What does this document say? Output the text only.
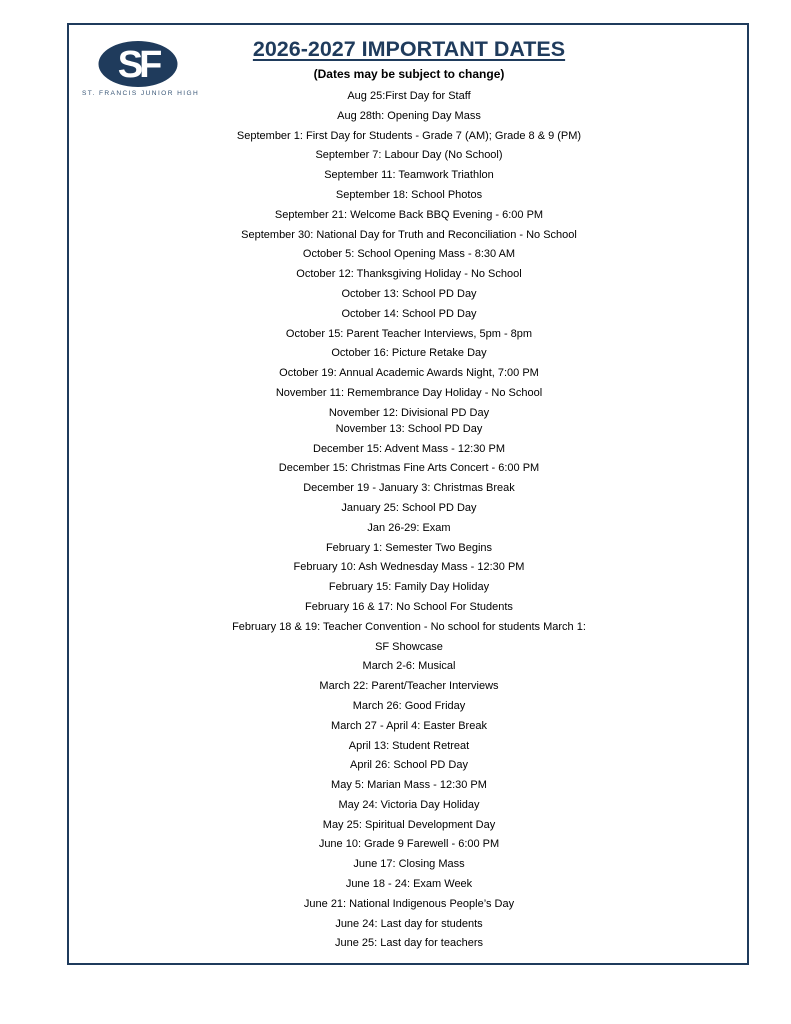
SF
ST. FRANCIS JUNIOR HIGH
2026-2027 IMPORTANT DATES
(Dates may be subject to change)
Aug 25:First Day for Staff
Aug 28th: Opening Day Mass
September 1: First Day for Students - Grade 7 (AM); Grade 8 & 9 (PM)
September 7: Labour Day (No School)
September 11: Teamwork Triathlon
September 18: School Photos
September 21: Welcome Back BBQ Evening - 6:00 PM
September 30: National Day for Truth and Reconciliation - No School
October 5: School Opening Mass - 8:30 AM
October 12: Thanksgiving Holiday - No School
October 13: School PD Day
October 14: School PD Day
October 15: Parent Teacher Interviews, 5pm - 8pm
October 16: Picture Retake Day
October 19: Annual Academic Awards Night, 7:00 PM
November 11: Remembrance Day Holiday - No School
November 12: Divisional PD Day
November 13: School PD Day
December 15: Advent Mass - 12:30 PM
December 15: Christmas Fine Arts Concert - 6:00 PM
December 19 - January 3: Christmas Break
January 25: School PD Day
Jan 26-29: Exam
February 1: Semester Two Begins
February 10: Ash Wednesday Mass - 12:30 PM
February 15: Family Day Holiday
February 16 & 17: No School For Students
February 18 & 19: Teacher Convention - No school for students March 1:
SF Showcase
March 2-6: Musical
March 22: Parent/Teacher Interviews
March 26: Good Friday
March 27 - April 4: Easter Break
April 13: Student Retreat
April 26: School PD Day
May 5: Marian Mass - 12:30 PM
May 24: Victoria Day Holiday
May 25: Spiritual Development Day
June 10: Grade 9 Farewell - 6:00 PM
June 17: Closing Mass
June 18 - 24: Exam Week
June 21: National Indigenous People’s Day
June 24: Last day for students
June 25: Last day for teachers
